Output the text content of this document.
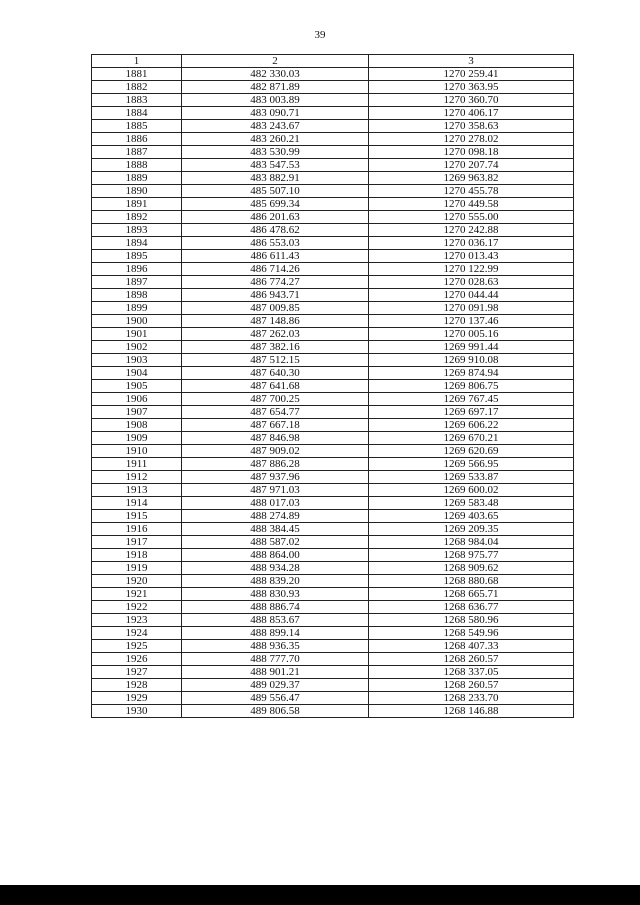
39
1	2	3
1881	482 330.03	1270 259.41
1882	482 871.89	1270 363.95
1883	483 003.89	1270 360.70
1884	483 090.71	1270 406.17
1885	483 243.67	1270 358.63
1886	483 260.21	1270 278.02
1887	483 530.99	1270 098.18
1888	483 547.53	1270 207.74
1889	483 882.91	1269 963.82
1890	485 507.10	1270 455.78
1891	485 699.34	1270 449.58
1892	486 201.63	1270 555.00
1893	486 478.62	1270 242.88
1894	486 553.03	1270 036.17
1895	486 611.43	1270 013.43
1896	486 714.26	1270 122.99
1897	486 774.27	1270 028.63
1898	486 943.71	1270 044.44
1899	487 009.85	1270 091.98
1900	487 148.86	1270 137.46
1901	487 262.03	1270 005.16
1902	487 382.16	1269 991.44
1903	487 512.15	1269 910.08
1904	487 640.30	1269 874.94
1905	487 641.68	1269 806.75
1906	487 700.25	1269 767.45
1907	487 654.77	1269 697.17
1908	487 667.18	1269 606.22
1909	487 846.98	1269 670.21
1910	487 909.02	1269 620.69
1911	487 886.28	1269 566.95
1912	487 937.96	1269 533.87
1913	487 971.03	1269 600.02
1914	488 017.03	1269 583.48
1915	488 274.89	1269 403.65
1916	488 384.45	1269 209.35
1917	488 587.02	1268 984.04
1918	488 864.00	1268 975.77
1919	488 934.28	1268 909.62
1920	488 839.20	1268 880.68
1921	488 830.93	1268 665.71
1922	488 886.74	1268 636.77
1923	488 853.67	1268 580.96
1924	488 899.14	1268 549.96
1925	488 936.35	1268 407.33
1926	488 777.70	1268 260.57
1927	488 901.21	1268 337.05
1928	489 029.37	1268 260.57
1929	489 556.47	1268 233.70
1930	489 806.58	1268 146.88
